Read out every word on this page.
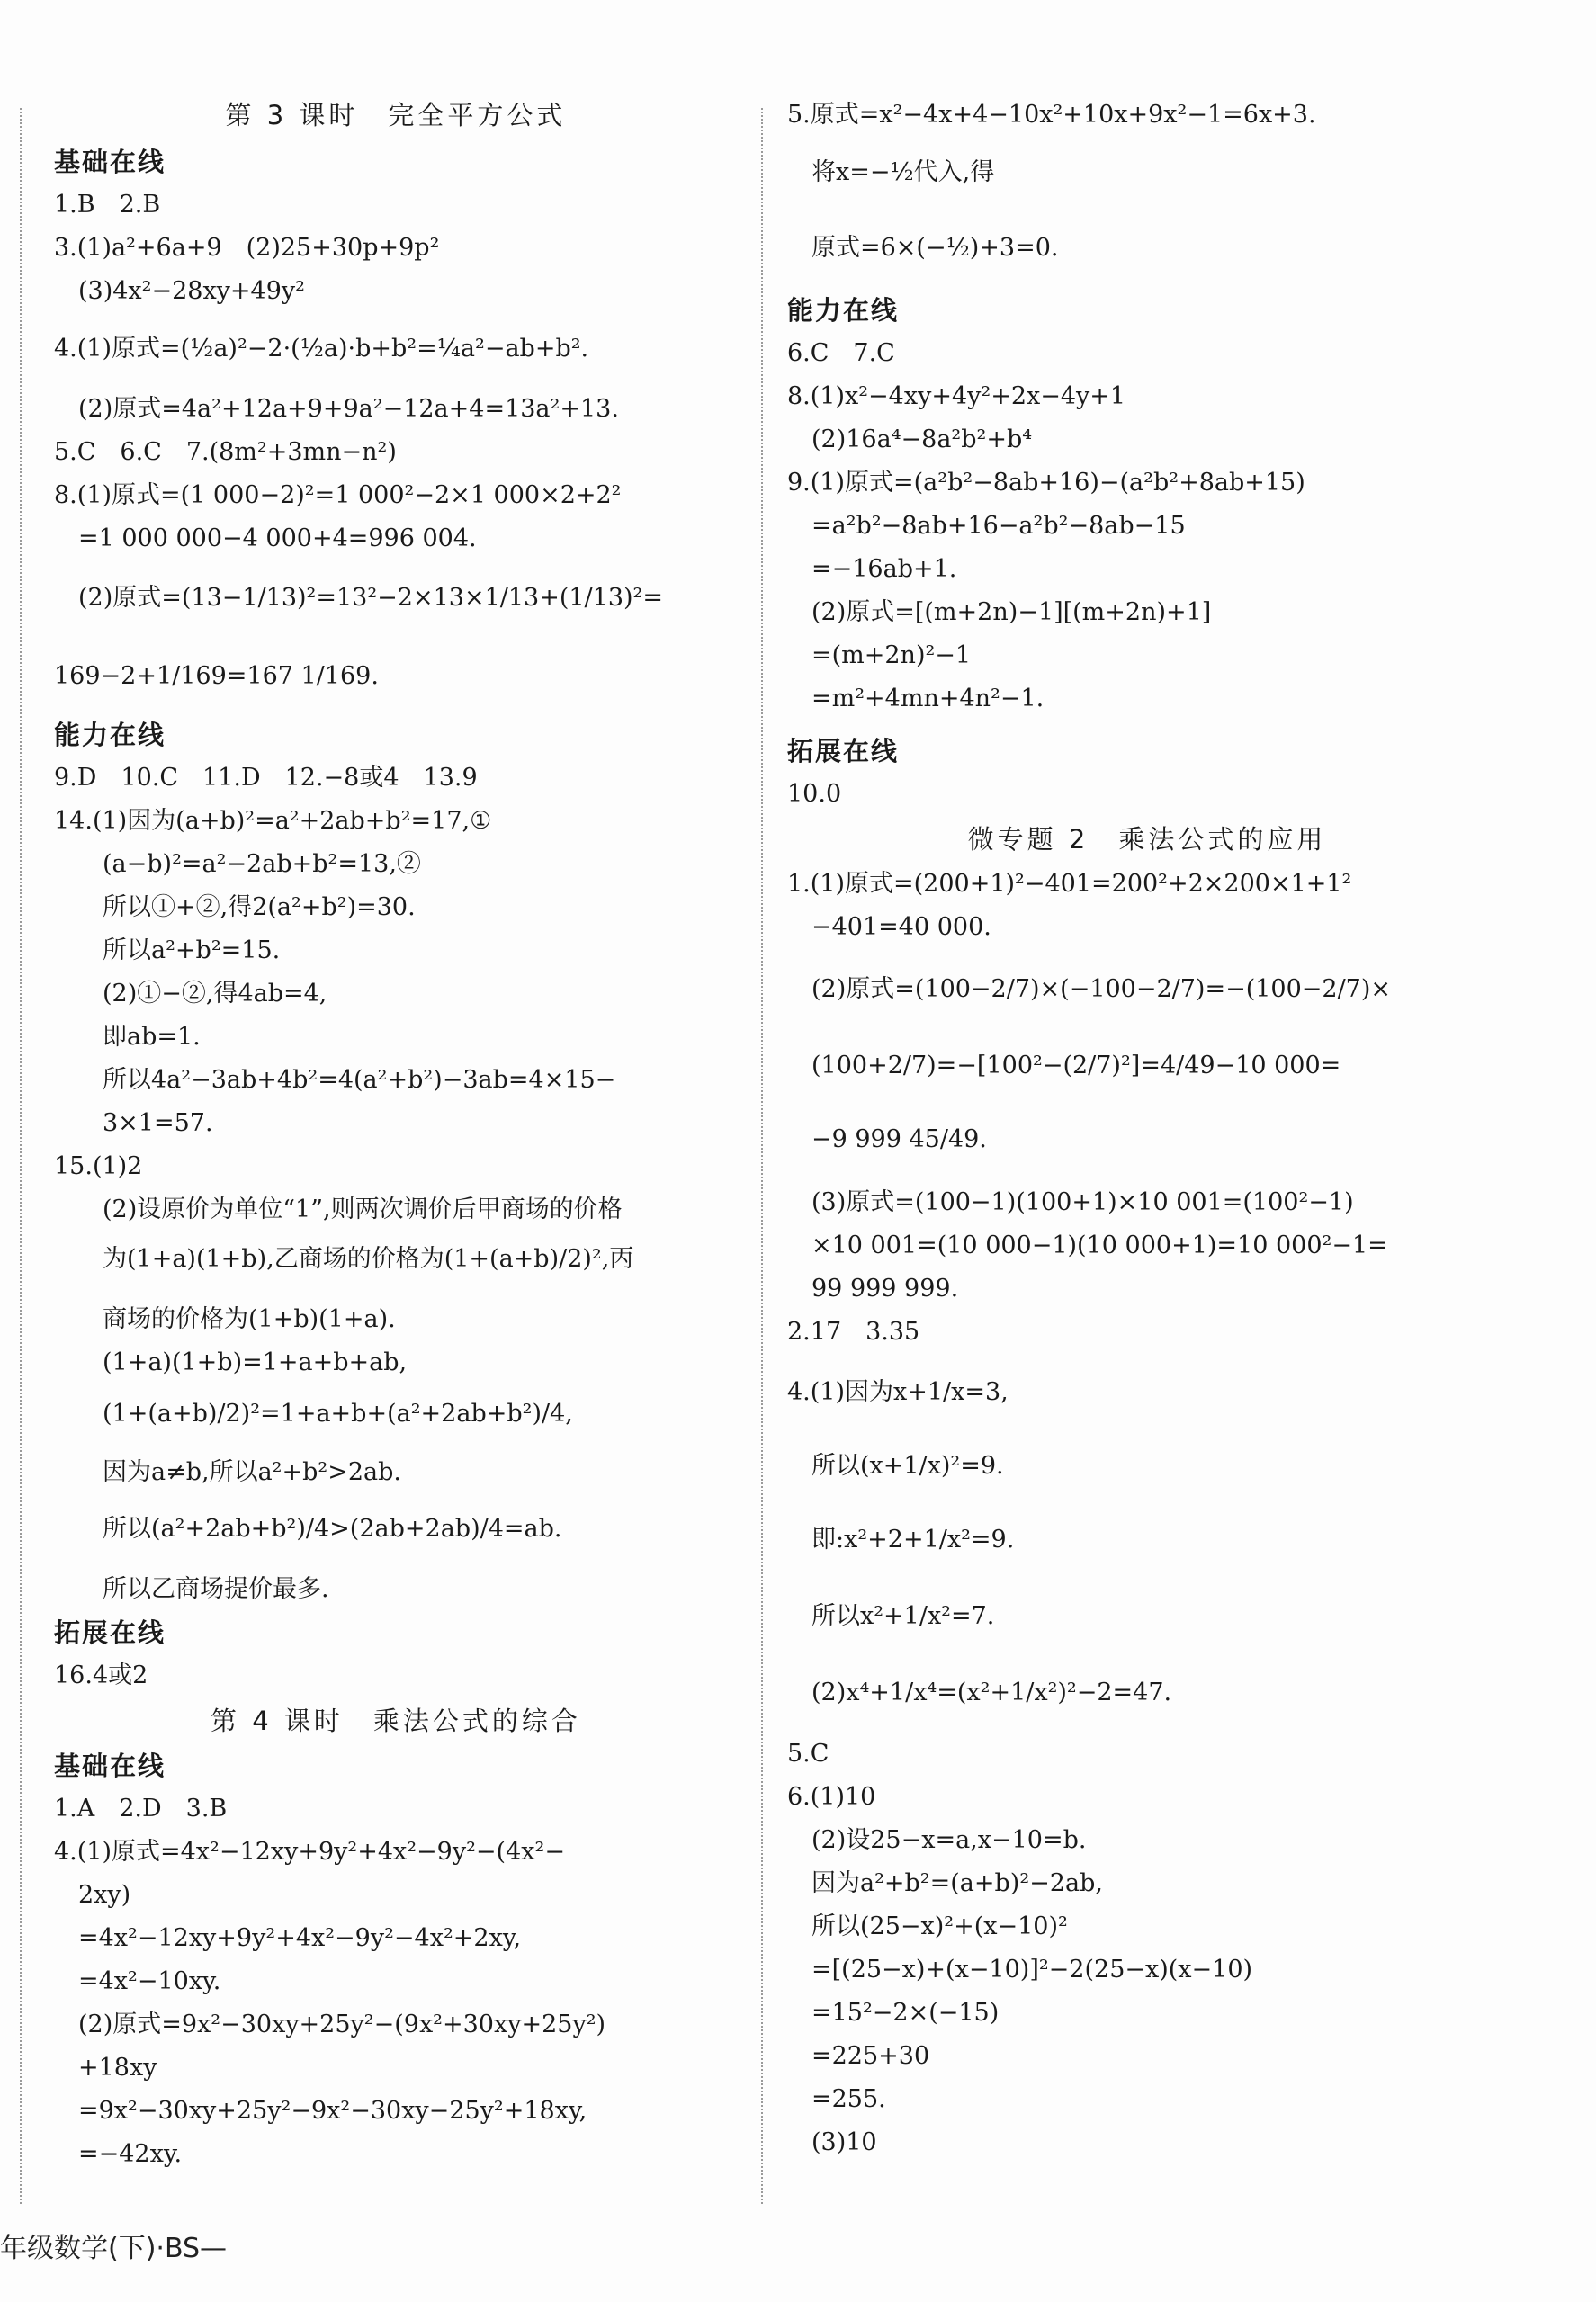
第 3 课时　完全平方公式
基础在线
1.B　2.B
3.(1)a²+6a+9　(2)25+30p+9p²
　(3)4x²−28xy+49y²
4.(1)原式=(½a)²−2·(½a)·b+b²=¼a²−ab+b².
　(2)原式=4a²+12a+9+9a²−12a+4=13a²+13.
5.C　6.C　7.(8m²+3mn−n²)
8.(1)原式=(1 000−2)²=1 000²−2×1 000×2+2²
　=1 000 000−4 000+4=996 004.
　(2)原式=(13−1/13)²=13²−2×13×1/13+(1/13)²=
169−2+1/169=167 1/169.
能力在线
9.D　10.C　11.D　12.−8或4　13.9
14.(1)因为(a+b)²=a²+2ab+b²=17,①
　　(a−b)²=a²−2ab+b²=13,②
　　所以①+②,得2(a²+b²)=30.
　　所以a²+b²=15.
　　(2)①−②,得4ab=4,
　　即ab=1.
　　所以4a²−3ab+4b²=4(a²+b²)−3ab=4×15−
　　3×1=57.
15.(1)2
　　(2)设原价为单位“1”,则两次调价后甲商场的价格
　　为(1+a)(1+b),乙商场的价格为(1+(a+b)/2)²,丙
　　商场的价格为(1+b)(1+a).
　　(1+a)(1+b)=1+a+b+ab,
　　(1+(a+b)/2)²=1+a+b+(a²+2ab+b²)/4,
　　因为a≠b,所以a²+b²>2ab.
　　所以(a²+2ab+b²)/4>(2ab+2ab)/4=ab.
　　所以乙商场提价最多.
拓展在线
16.4或2
第 4 课时　乘法公式的综合
基础在线
1.A　2.D　3.B
4.(1)原式=4x²−12xy+9y²+4x²−9y²−(4x²−
　2xy)
　=4x²−12xy+9y²+4x²−9y²−4x²+2xy,
　=4x²−10xy.
　(2)原式=9x²−30xy+25y²−(9x²+30xy+25y²)
　+18xy
　=9x²−30xy+25y²−9x²−30xy−25y²+18xy,
　=−42xy.
5.原式=x²−4x+4−10x²+10x+9x²−1=6x+3.
　将x=−½代入,得
　原式=6×(−½)+3=0.
能力在线
6.C　7.C
8.(1)x²−4xy+4y²+2x−4y+1
　(2)16a⁴−8a²b²+b⁴
9.(1)原式=(a²b²−8ab+16)−(a²b²+8ab+15)
　=a²b²−8ab+16−a²b²−8ab−15
　=−16ab+1.
　(2)原式=[(m+2n)−1][(m+2n)+1]
　=(m+2n)²−1
　=m²+4mn+4n²−1.
拓展在线
10.0
微专题 2　乘法公式的应用
1.(1)原式=(200+1)²−401=200²+2×200×1+1²
　−401=40 000.
　(2)原式=(100−2/7)×(−100−2/7)=−(100−2/7)×
　(100+2/7)=−[100²−(2/7)²]=4/49−10 000=
　−9 999 45/49.
　(3)原式=(100−1)(100+1)×10 001=(100²−1)
　×10 001=(10 000−1)(10 000+1)=10 000²−1=
　99 999 999.
2.17　3.35
4.(1)因为x+1/x=3,
　所以(x+1/x)²=9.
　即:x²+2+1/x²=9.
　所以x²+1/x²=7.
　(2)x⁴+1/x⁴=(x²+1/x²)²−2=47.
5.C
6.(1)10
　(2)设25−x=a,x−10=b.
　因为a²+b²=(a+b)²−2ab,
　所以(25−x)²+(x−10)²
　=[(25−x)+(x−10)]²−2(25−x)(x−10)
　=15²−2×(−15)
　=225+30
　=255.
　(3)10
年级数学(下)·BS—
